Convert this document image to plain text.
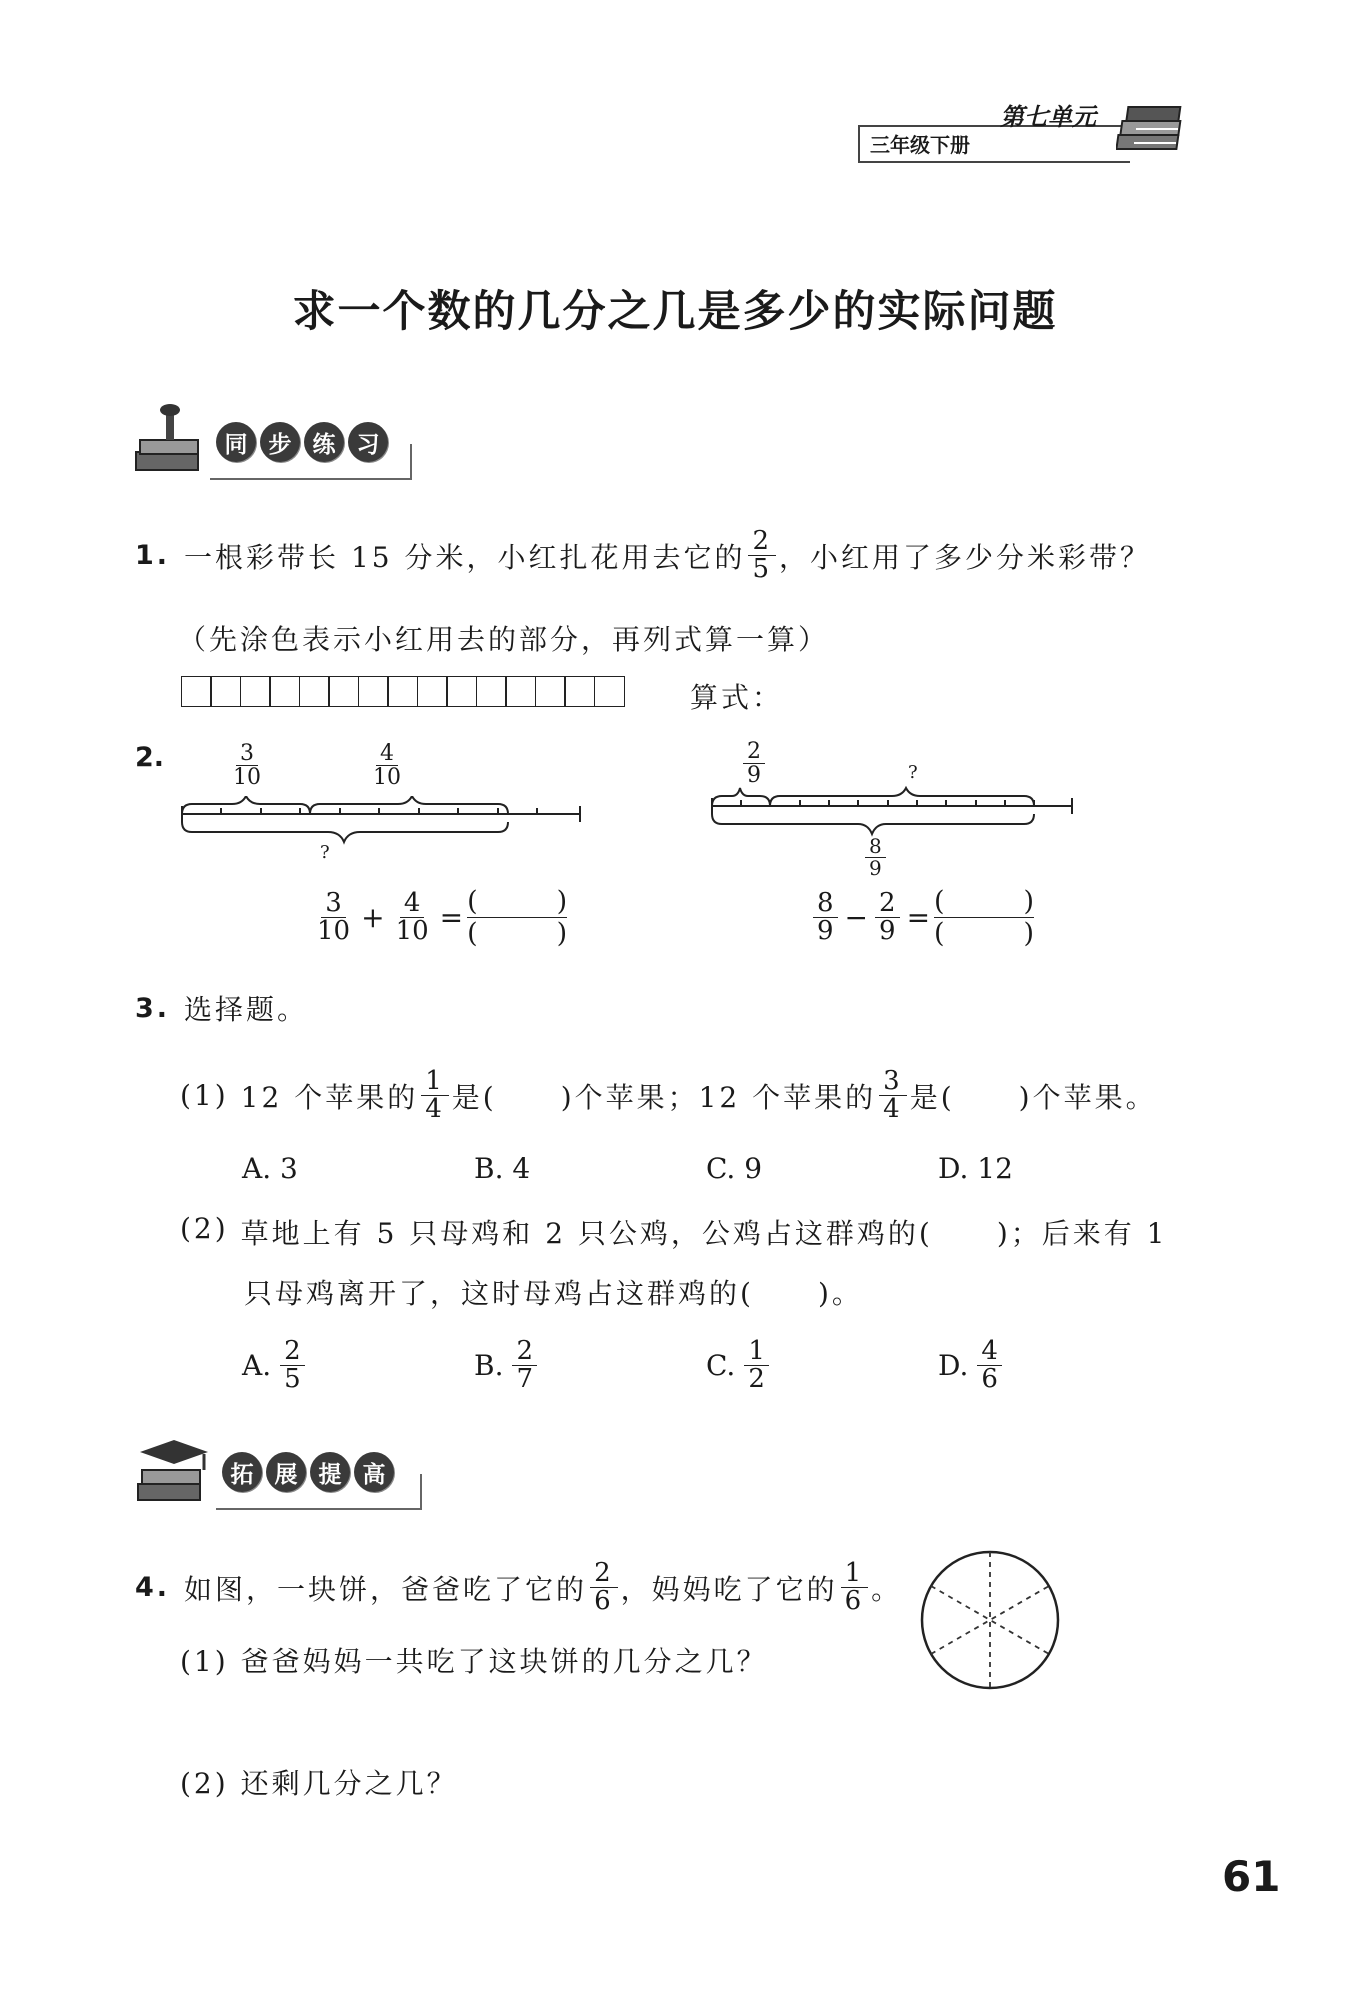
三年级下册
第七单元
求一个数的几分之几是多少的实际问题
同 步 练 习
1. 一根彩带长 15 分米，小红扎花用去它的 $\frac{2}{5}$ ，小红用了多少分米彩带？
（先涂色表示小红用去的部分，再列式算一算）
算式：
2.	$\frac{3}{10}$	$\frac{4}{10}$
?
$\frac{3}{10} + \frac{4}{10}$ = (	)
(	)
$\frac{2}{9}$	?
$\frac{8}{9}$
$\frac{8}{9} - \frac{2}{9}$ = (	)
(	)
3. 选择题。
(1) 12 个苹果的 $\frac{1}{4}$ 是( )个苹果；12 个苹果的 $\frac{3}{4}$ 是( )个苹果。
A. 3	B. 4	C. 9	D. 12
(2) 草地上有 5 只母鸡和 2 只公鸡，公鸡占这群鸡的( )；后来有 1
只母鸡离开了，这时母鸡占这群鸡的( )。
A. $\frac{2}{5}$	B. $\frac{2}{7}$	C. $\frac{1}{2}$	D. $\frac{4}{6}$
拓 展 提 高
4. 如图，一块饼，爸爸吃了它的 $\frac{2}{6}$ ，妈妈吃了它的 $\frac{1}{6}$ 。
(1) 爸爸妈妈一共吃了这块饼的几分之几？
(2) 还剩几分之几？
61
